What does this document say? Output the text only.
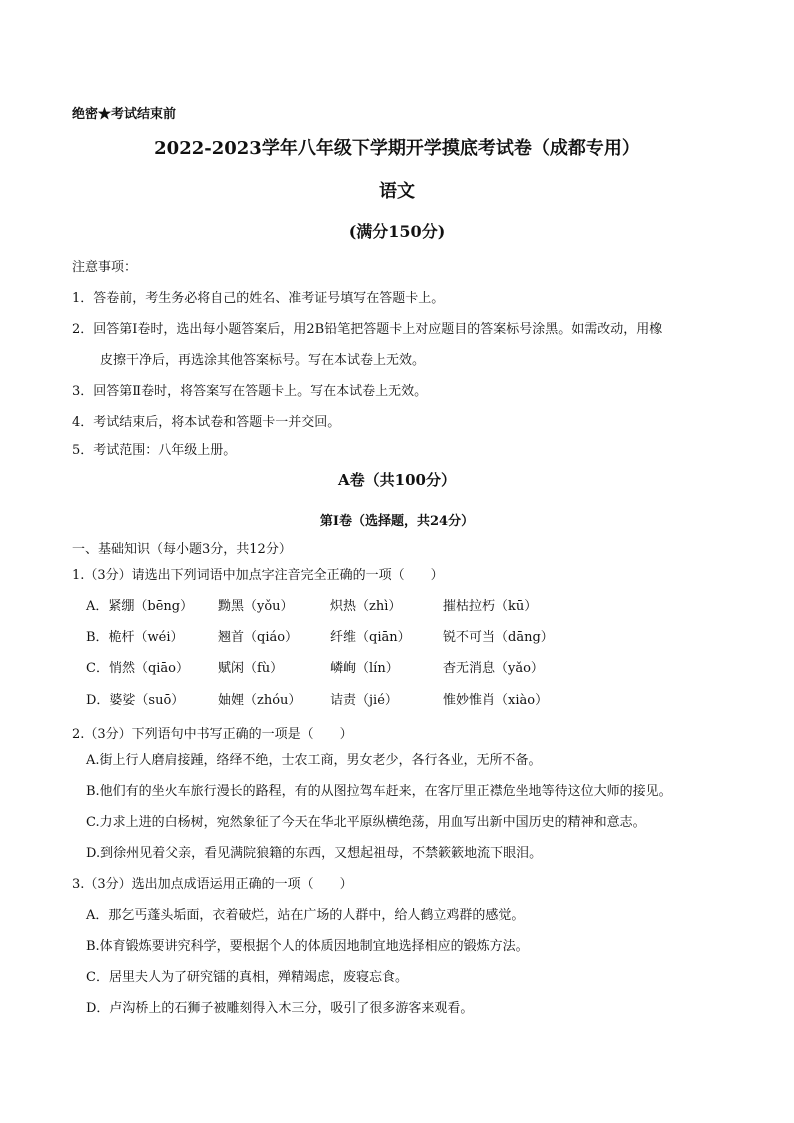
绝密★考试结束前
2022-2023学年八年级下学期开学摸底考试卷（成都专用）
语文
(满分150分)
注意事项：
1．答卷前，考生务必将自己的姓名、准考证号填写在答题卡上。
2．回答第Ⅰ卷时，选出每小题答案后，用2B铅笔把答题卡上对应题目的答案标号涂黑。如需改动，用橡
皮擦干净后，再选涂其他答案标号。写在本试卷上无效。
3．回答第Ⅱ卷时，将答案写在答题卡上。写在本试卷上无效。
4．考试结束后，将本试卷和答题卡一并交回。
5．考试范围：八年级上册。
A卷（共100分）
第Ⅰ卷（选择题，共24分）
一、基础知识（每小题3分，共12分）
1.（3分）请选出下列词语中加点字注音完全正确的一项（　　）
A．紧绷（bēng） 黝黑（yǒu）	炽热（zhì）	摧枯拉朽（kū）
B．桅杆（wéi）	翘首（qiáo） 纤维（qiān） 锐不可当（dāng）
C．悄然（qiāo） 赋闲（fù）	嶙峋（lín）	杳无消息（yǎo）
D．婆娑（suō）	妯娌（zhóu） 诘责（jié）	惟妙惟肖（xiào）
2.（3分）下列语句中书写正确的一项是（　　）
A.街上行人磨肩接踵，络绎不绝，士农工商，男女老少，各行各业，无所不备。
B.他们有的坐火车旅行漫长的路程，有的从图拉驾车赶来，在客厅里正襟危坐地等待这位大师的接见。
C.力求上进的白杨树，宛然象征了今天在华北平原纵横绝荡，用血写出新中国历史的精神和意志。
D.到徐州见着父亲，看见满院狼籍的东西，又想起祖母，不禁簌簌地流下眼泪。
3.（3分）选出加点成语运用正确的一项（　　）
A．那乞丐蓬头垢面，衣着破烂，站在广场的人群中，给人鹤立鸡群的感觉。
B.体育锻炼要讲究科学，要根据个人的体质因地制宜地选择相应的锻炼方法。
C．居里夫人为了研究镭的真相，殚精竭虑，废寝忘食。
D．卢沟桥上的石狮子被雕刻得入木三分，吸引了很多游客来观看。
